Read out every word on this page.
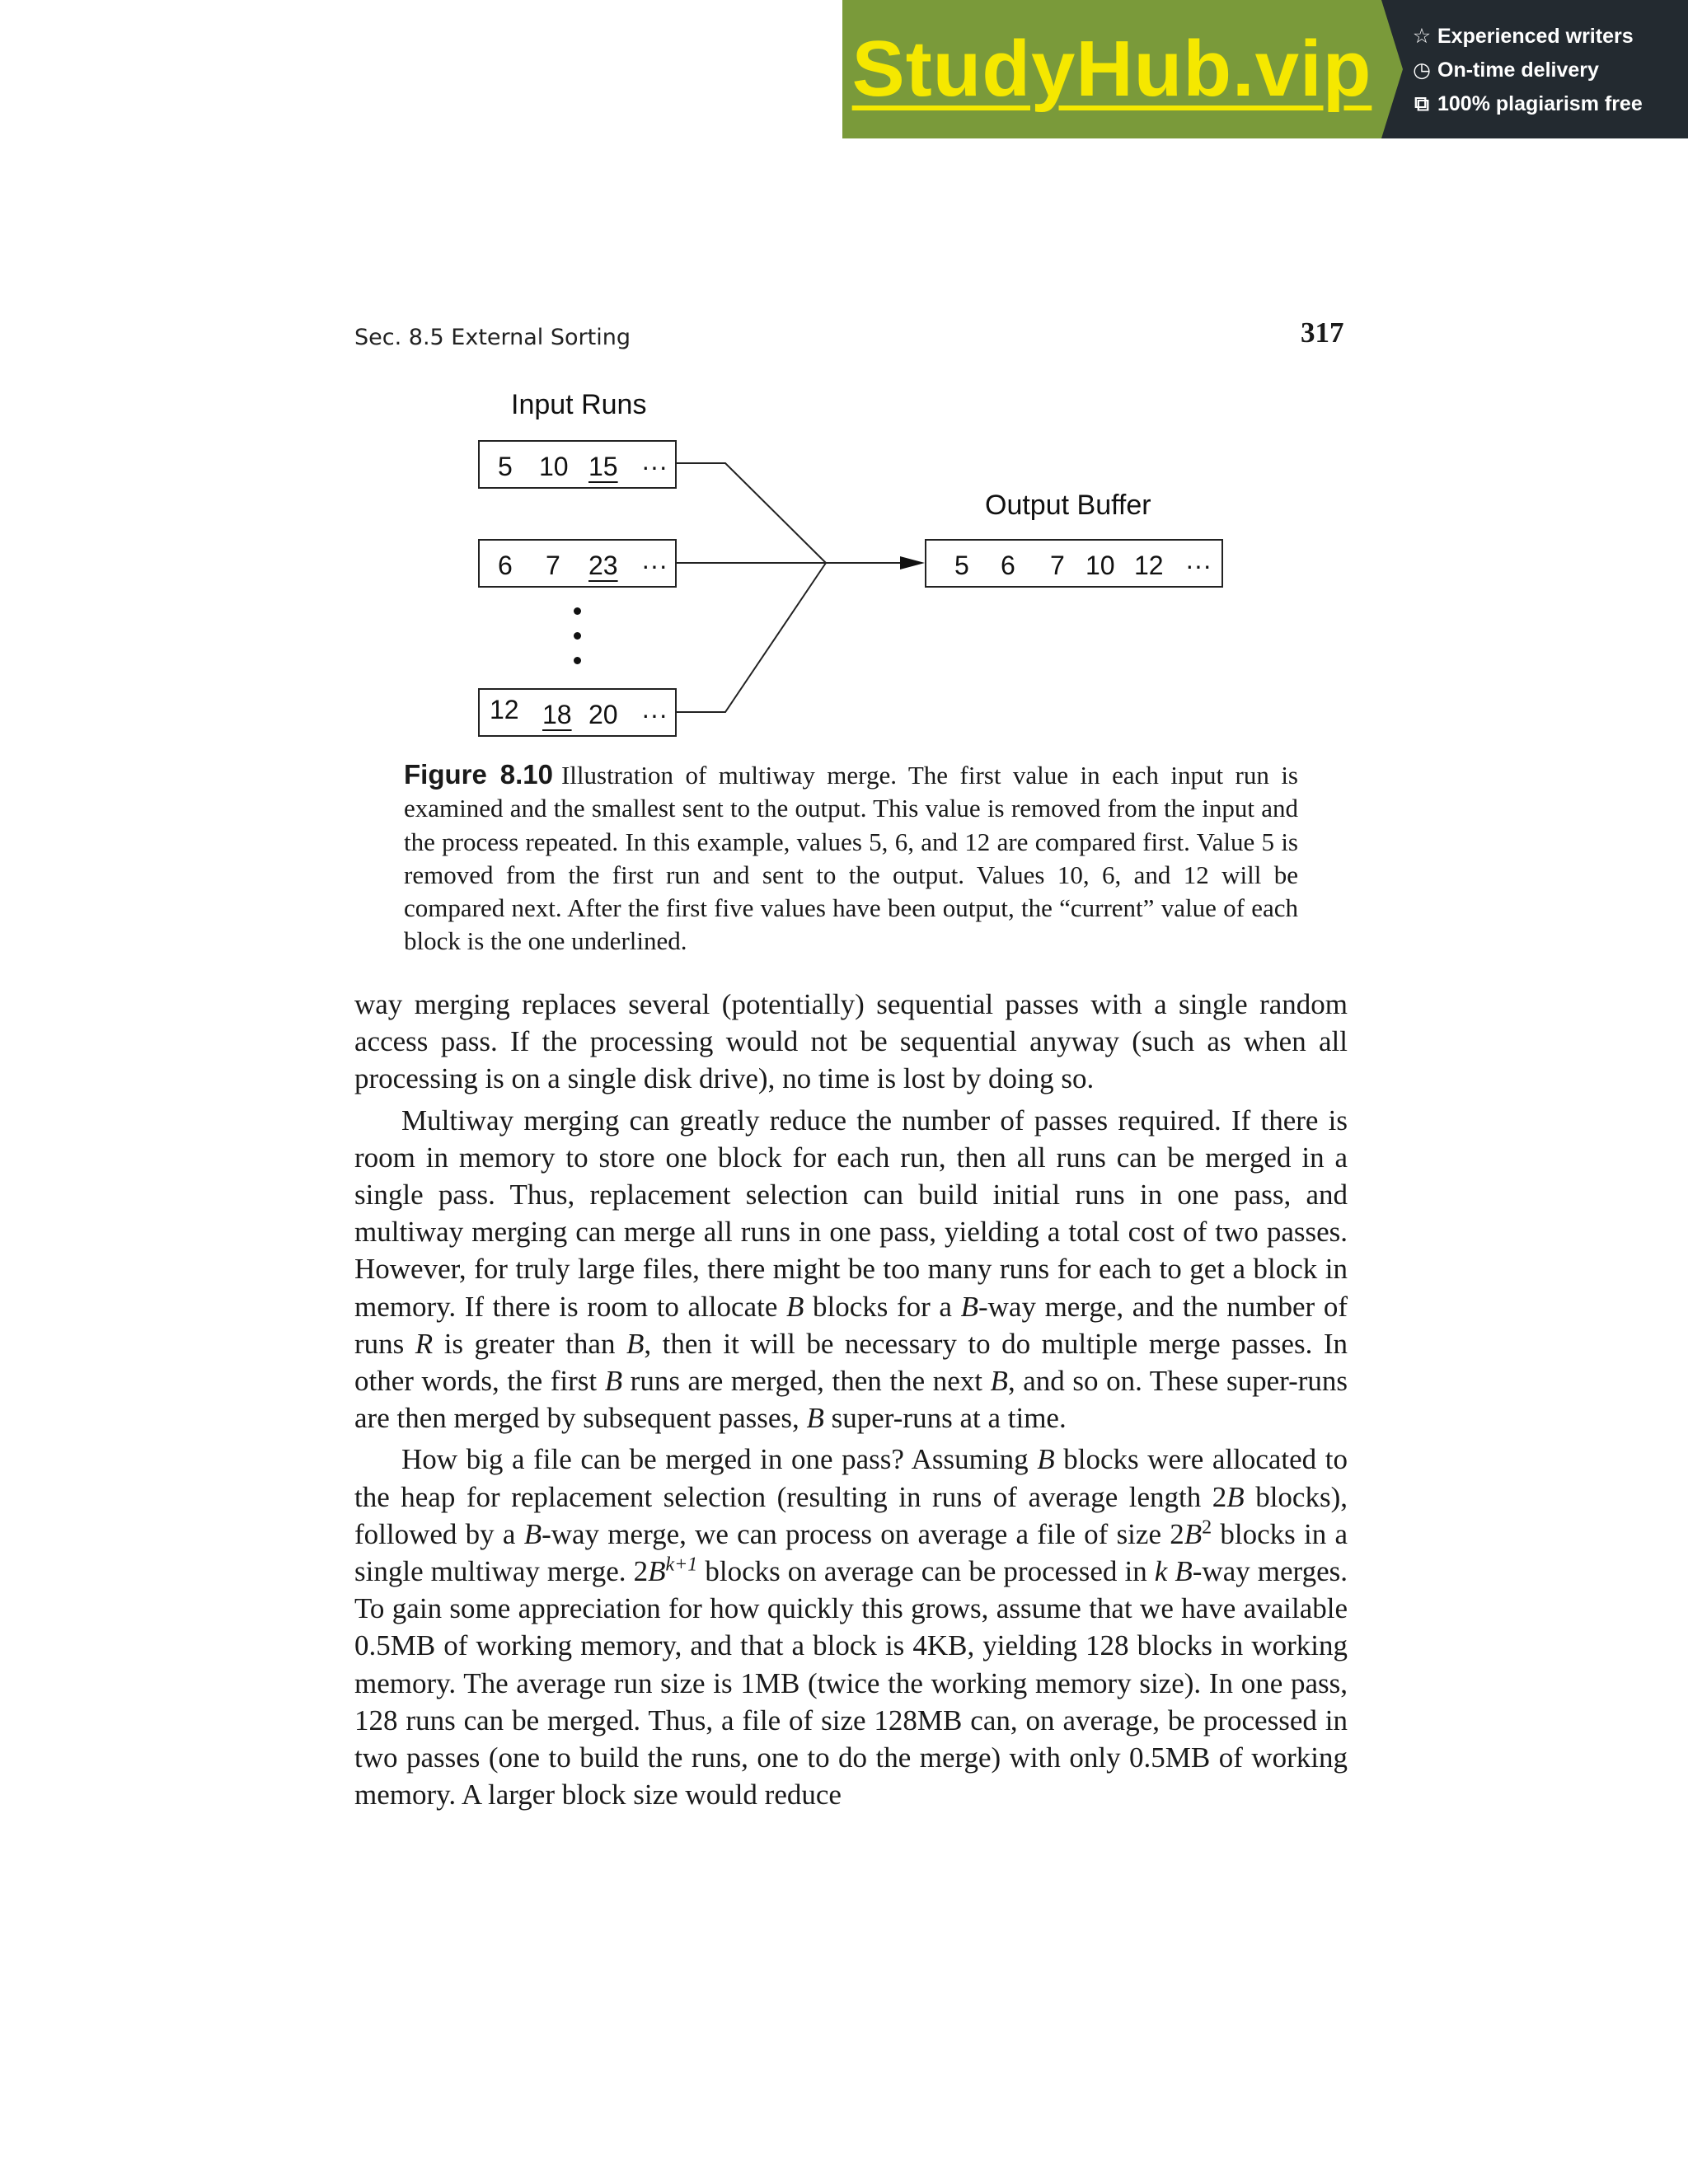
StudyHub.vip ☆ Experienced writers
◷ On-time delivery
⧉ 100% plagiarism free
Sec. 8.5 External Sorting	317
Input Runs
Output Buffer
5 10 15 ···
6 7 23 ···
12 18 20 ···
5 6 7 10 12 ···
Figure 8.10 Illustration of multiway merge. The first value in each input run is examined and the smallest sent to the output. This value is removed from the input and the process repeated. In this example, values 5, 6, and 12 are compared first. Value 5 is removed from the first run and sent to the output. Values 10, 6, and 12 will be compared next. After the first five values have been output, the “current” value of each block is the one underlined.

way merging replaces several (potentially) sequential passes with a single random access pass. If the processing would not be sequential anyway (such as when all processing is on a single disk drive), no time is lost by doing so.

Multiway merging can greatly reduce the number of passes required. If there is room in memory to store one block for each run, then all runs can be merged in a single pass. Thus, replacement selection can build initial runs in one pass, and multiway merging can merge all runs in one pass, yielding a total cost of two passes. However, for truly large files, there might be too many runs for each to get a block in memory. If there is room to allocate B blocks for a B-way merge, and the number of runs R is greater than B, then it will be necessary to do multiple merge passes. In other words, the first B runs are merged, then the next B, and so on. These super-runs are then merged by subsequent passes, B super-runs at a time.

How big a file can be merged in one pass? Assuming B blocks were allocated to the heap for replacement selection (resulting in runs of average length 2B blocks), followed by a B-way merge, we can process on average a file of size $2B^2$ blocks in a single multiway merge. $2B^{k+1}$ blocks on average can be processed in k B-way merges. To gain some appreciation for how quickly this grows, assume that we have available 0.5MB of working memory, and that a block is 4KB, yielding 128 blocks in working memory. The average run size is 1MB (twice the working memory size). In one pass, 128 runs can be merged. Thus, a file of size 128MB can, on average, be processed in two passes (one to build the runs, one to do the merge) with only 0.5MB of working memory. A larger block size would reduce
